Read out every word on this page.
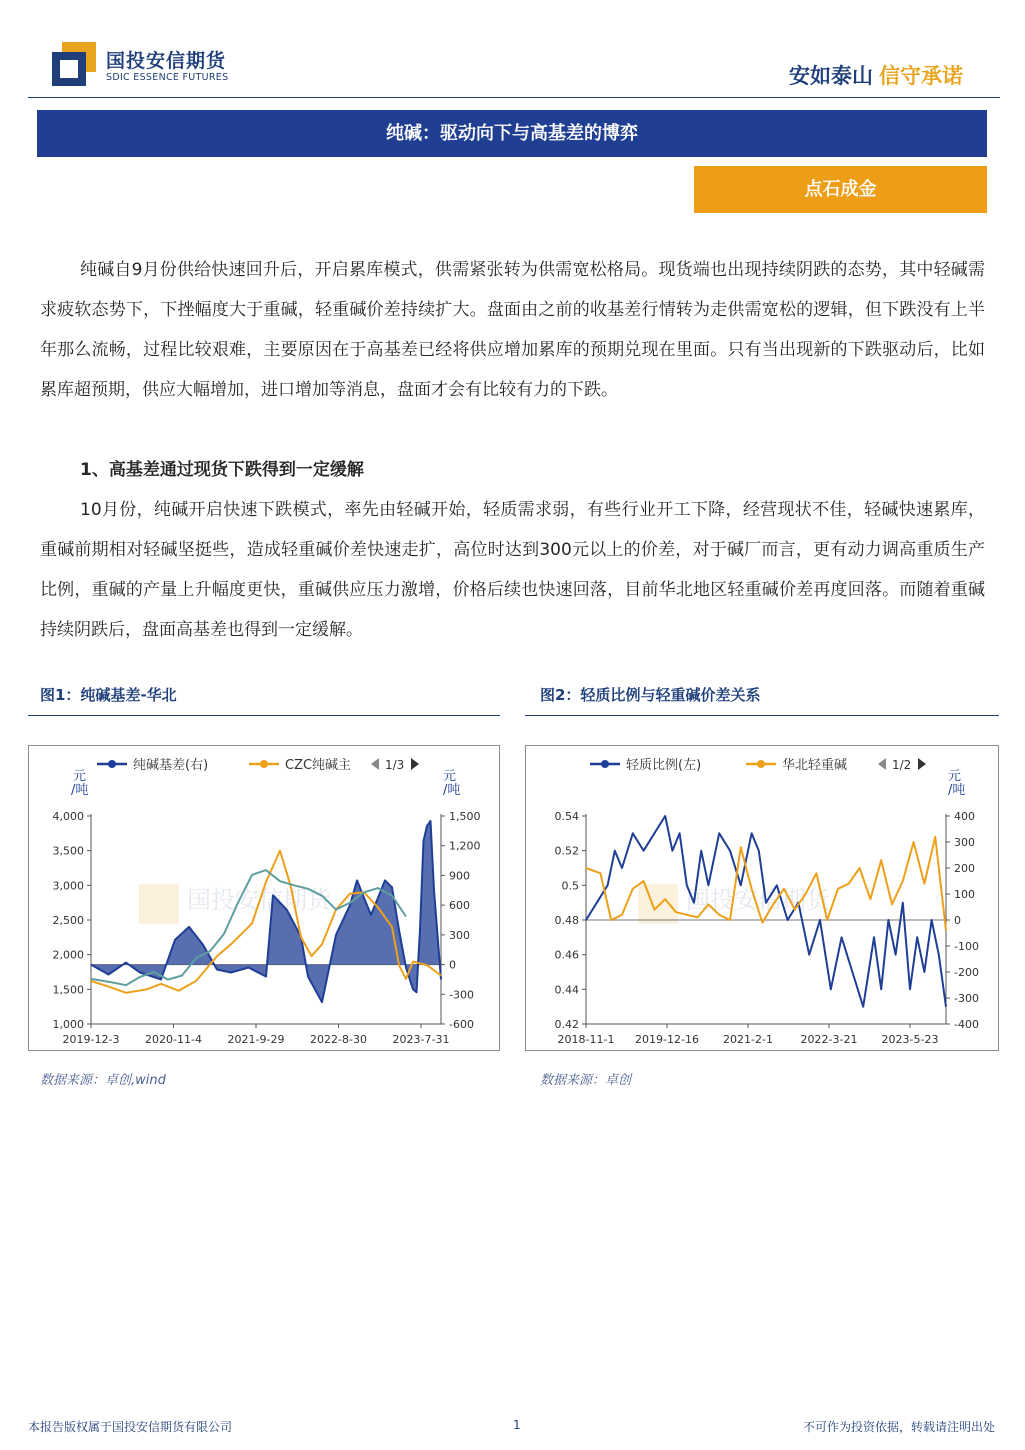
国投安信期货
SDIC ESSENCE FUTURES	安如泰山 信守承诺
纯碱：驱动向下与高基差的博弈
点石成金

纯碱自9月份供给快速回升后，开启累库模式，供需紧张转为供需宽松格局。现货端也出现持续阴跌的态势，其中轻碱需求疲软态势下，下挫幅度大于重碱，轻重碱价差持续扩大。盘面由之前的收基差行情转为走供需宽松的逻辑，但下跌没有上半年那么流畅，过程比较艰难，主要原因在于高基差已经将供应增加累库的预期兑现在里面。只有当出现新的下跌驱动后，比如累库超预期，供应大幅增加，进口增加等消息，盘面才会有比较有力的下跌。

1、高基差通过现货下跌得到一定缓解

10月份，纯碱开启快速下跌模式，率先由轻碱开始，轻质需求弱，有些行业开工下降，经营现状不佳，轻碱快速累库，重碱前期相对轻碱坚挺些，造成轻重碱价差快速走扩，高位时达到300元以上的价差，对于碱厂而言，更有动力调高重质生产比例，重碱的产量上升幅度更快，重碱供应压力激增，价格后续也快速回落，目前华北地区轻重碱价差再度回落。而随着重碱持续阴跌后，盘面高基差也得到一定缓解。

图1：纯碱基差-华北
纯碱基差(右)	CZC纯碱主	1/3
元
/吨
元
/吨
国投安信期货
4,000
3,500
3,000
2,500
2,000
1,500
1,000
1,500
1,200
900
600
300
0
-300
-600
2019-12-3 2020-11-4 2021-9-29 2022-8-30 2023-7-31
数据来源：卓创,wind
图2：轻质比例与轻重碱价差关系
轻质比例(左)	华北轻重碱	1/2
元
/吨
国投安信期货
0.54
0.52
0.5
0.48
0.46
0.44
0.42
400
300
200
100
0
-100
-200
-300
-400
2018-11-1 2019-12-16 2021-2-1	2022-3-21 2023-5-23
数据来源：卓创
本报告版权属于国投安信期货有限公司	1	不可作为投资依据，转载请注明出处
